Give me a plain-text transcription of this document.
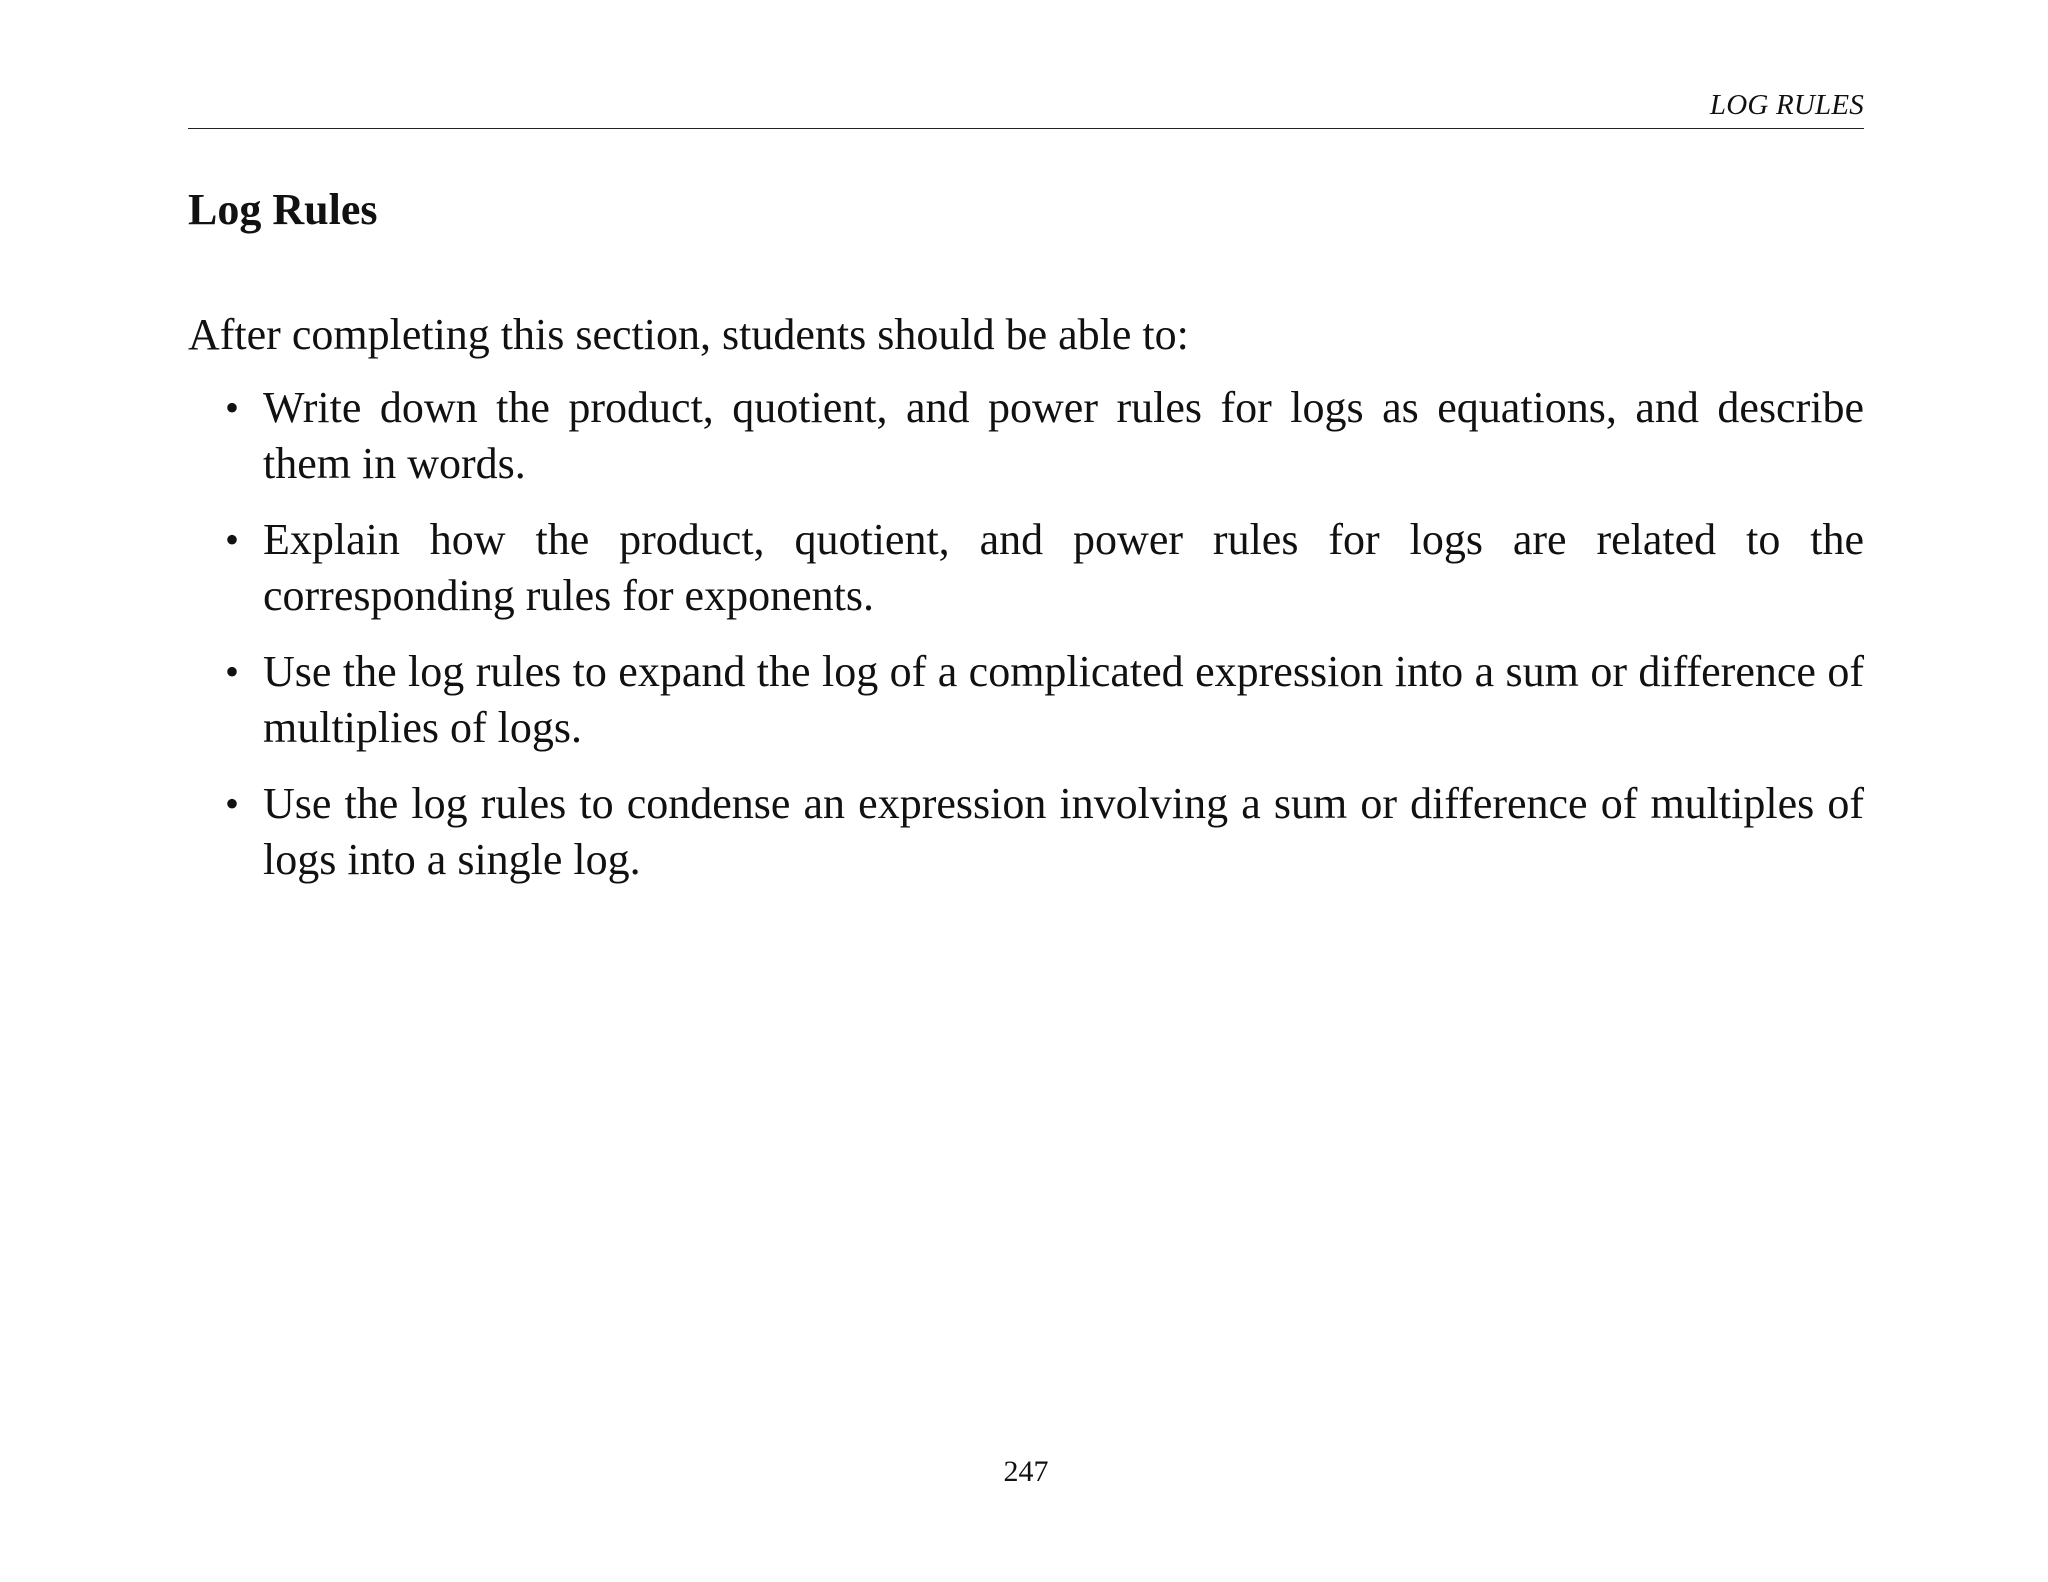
LOG RULES
Log Rules

After completing this section, students should be able to:

• Write down the product, quotient, and power rules for logs as equations, and describe them in words.
• Explain how the product, quotient, and power rules for logs are related to the corresponding rules for exponents.
• Use the log rules to expand the log of a complicated expression into a sum or difference of multiplies of logs.
• Use the log rules to condense an expression involving a sum or difference of multiples of logs into a single log.
247
